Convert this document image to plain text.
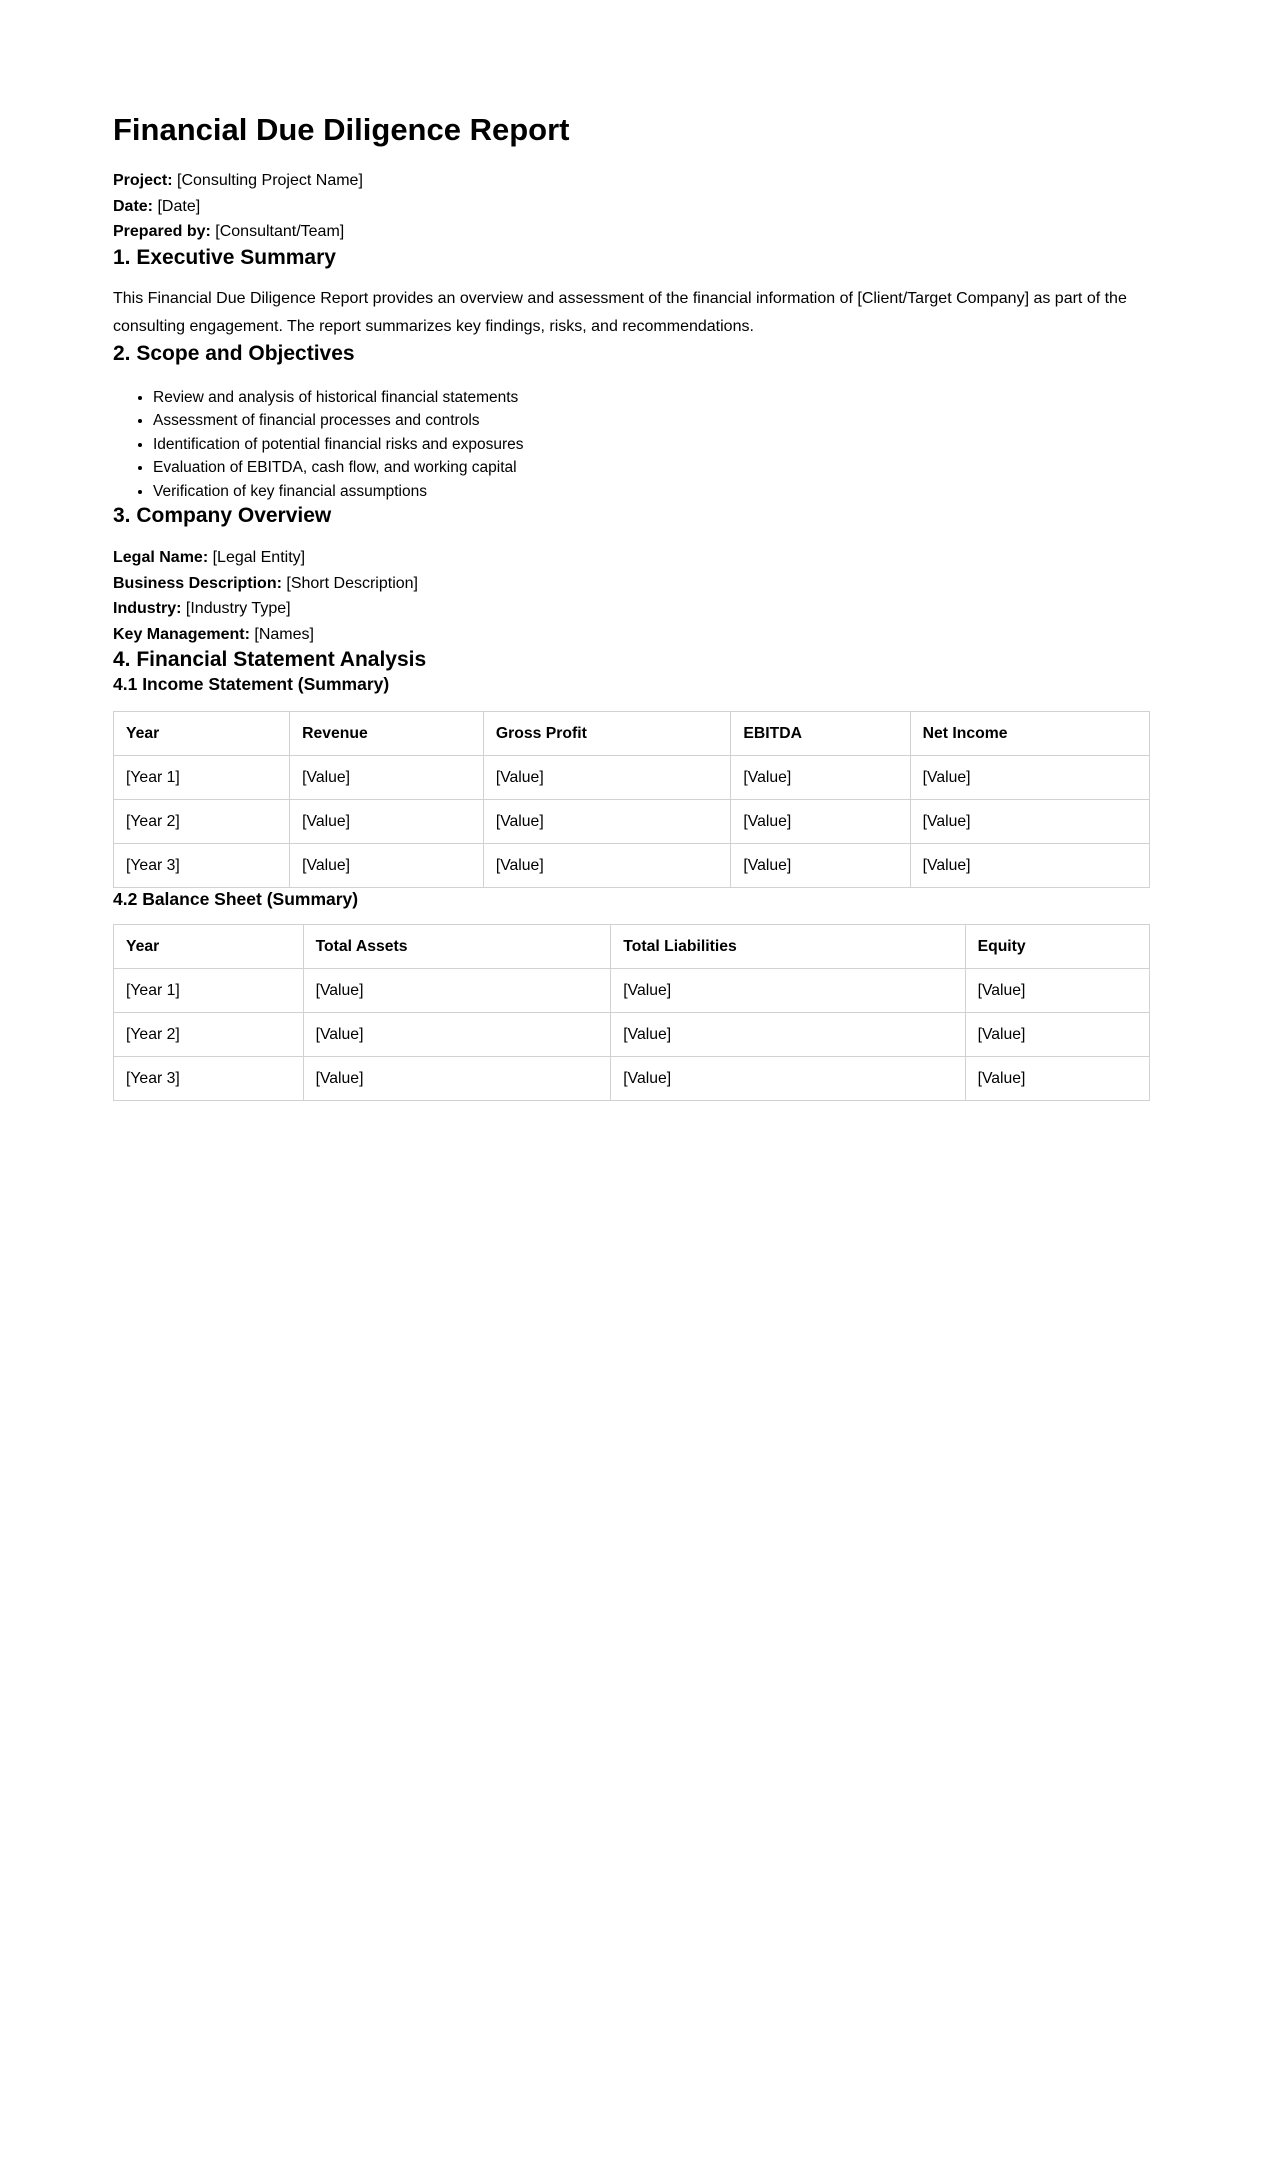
Financial Due Diligence Report

Project: [Consulting Project Name]

Date: [Date]

Prepared by: [Consultant/Team]

1. Executive Summary

This Financial Due Diligence Report provides an overview and assessment of the financial information of [Client/Target Company] as part of the consulting engagement. The report summarizes key findings, risks, and recommendations.

2. Scope and Objectives
• Review and analysis of historical financial statements
• Assessment of financial processes and controls
• Identification of potential financial risks and exposures
• Evaluation of EBITDA, cash flow, and working capital
• Verification of key financial assumptions
3. Company Overview

Legal Name: [Legal Entity]

Business Description: [Short Description]

Industry: [Industry Type]

Key Management: [Names]

4. Financial Statement Analysis
4.1 Income Statement (Summary)
Year	Revenue	Gross Profit	EBITDA	Net Income
[Year 1]	[Value]	[Value]	[Value]	[Value]
[Year 2]	[Value]	[Value]	[Value]	[Value]
[Year 3]	[Value]	[Value]	[Value]	[Value]
4.2 Balance Sheet (Summary)
Year	Total Assets	Total Liabilities	Equity
[Year 1]	[Value]	[Value]	[Value]
[Year 2]	[Value]	[Value]	[Value]
[Year 3]	[Value]	[Value]	[Value]
